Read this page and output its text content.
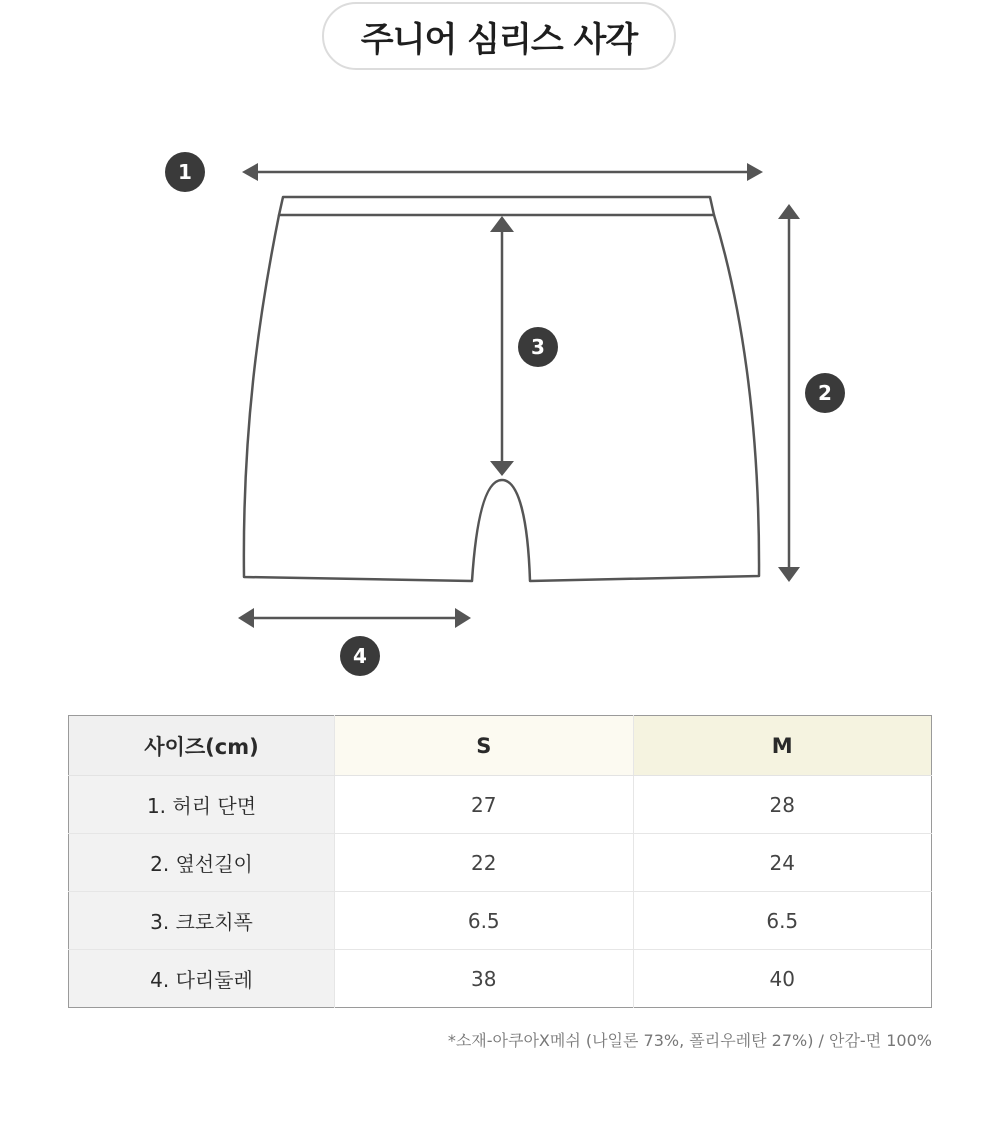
주니어 심리스 사각
1
2
3
4
사이즈(cm)	S	M
1. 허리 단면	27	28
2. 옆선길이	22	24
3. 크로치폭	6.5	6.5
4. 다리둘레	38	40
*소재-아쿠아X메쉬 (나일론 73%, 폴리우레탄 27%) / 안감-면 100%
